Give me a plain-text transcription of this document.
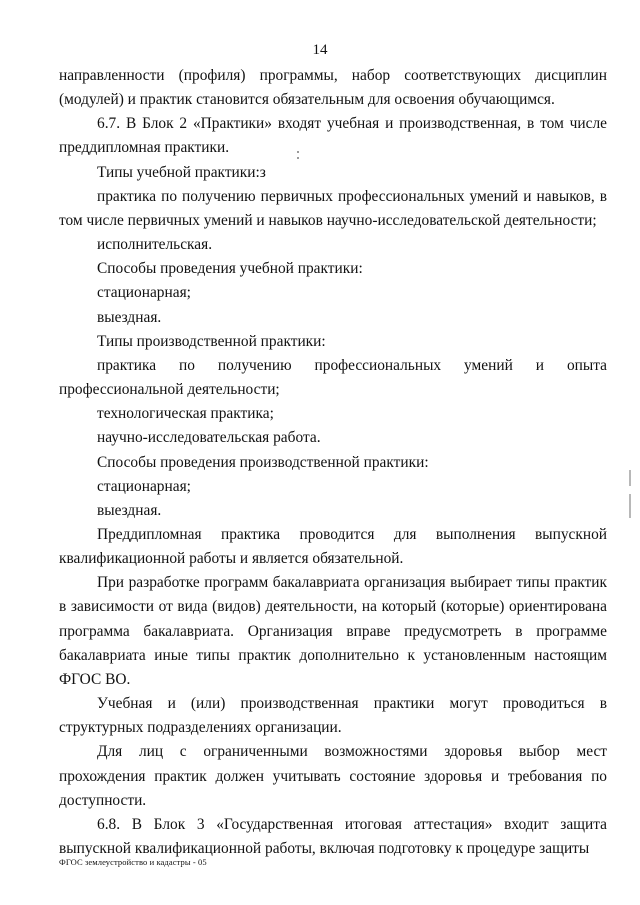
14

направленности (профиля) программы, набор соответствующих дисциплин (модулей) и практик становится обязательным для освоения обучающимся.

6.7. В Блок 2 «Практики» входят учебная и производственная, в том числе преддипломная практики.

Типы учебной практики:з

практика по получению первичных профессиональных умений и навыков, в том числе первичных умений и навыков научно-исследовательской деятельности;

исполнительская.

Способы проведения учебной практики:

стационарная;

выездная.

Типы производственной практики:

практика по получению профессиональных умений и опыта профессиональной деятельности;

технологическая практика;

научно-исследовательская работа.

Способы проведения производственной практики:

стационарная;

выездная.

Преддипломная практика проводится для выполнения выпускной квалификационной работы и является обязательной.

При разработке программ бакалавриата организация выбирает типы практик в зависимости от вида (видов) деятельности, на который (которые) ориентирована программа бакалавриата. Организация вправе предусмотреть в программе бакалавриата иные типы практик дополнительно к установленным настоящим ФГОС ВО.

Учебная и (или) производственная практики могут проводиться в структурных подразделениях организации.

Для лиц с ограниченными возможностями здоровья выбор мест прохождения практик должен учитывать состояние здоровья и требования по доступности.

6.8. В Блок 3 «Государственная итоговая аттестация» входит защита выпускной квалификационной работы, включая подготовку к процедуре защиты

ФГОС землеустройство и кадастры - 05
